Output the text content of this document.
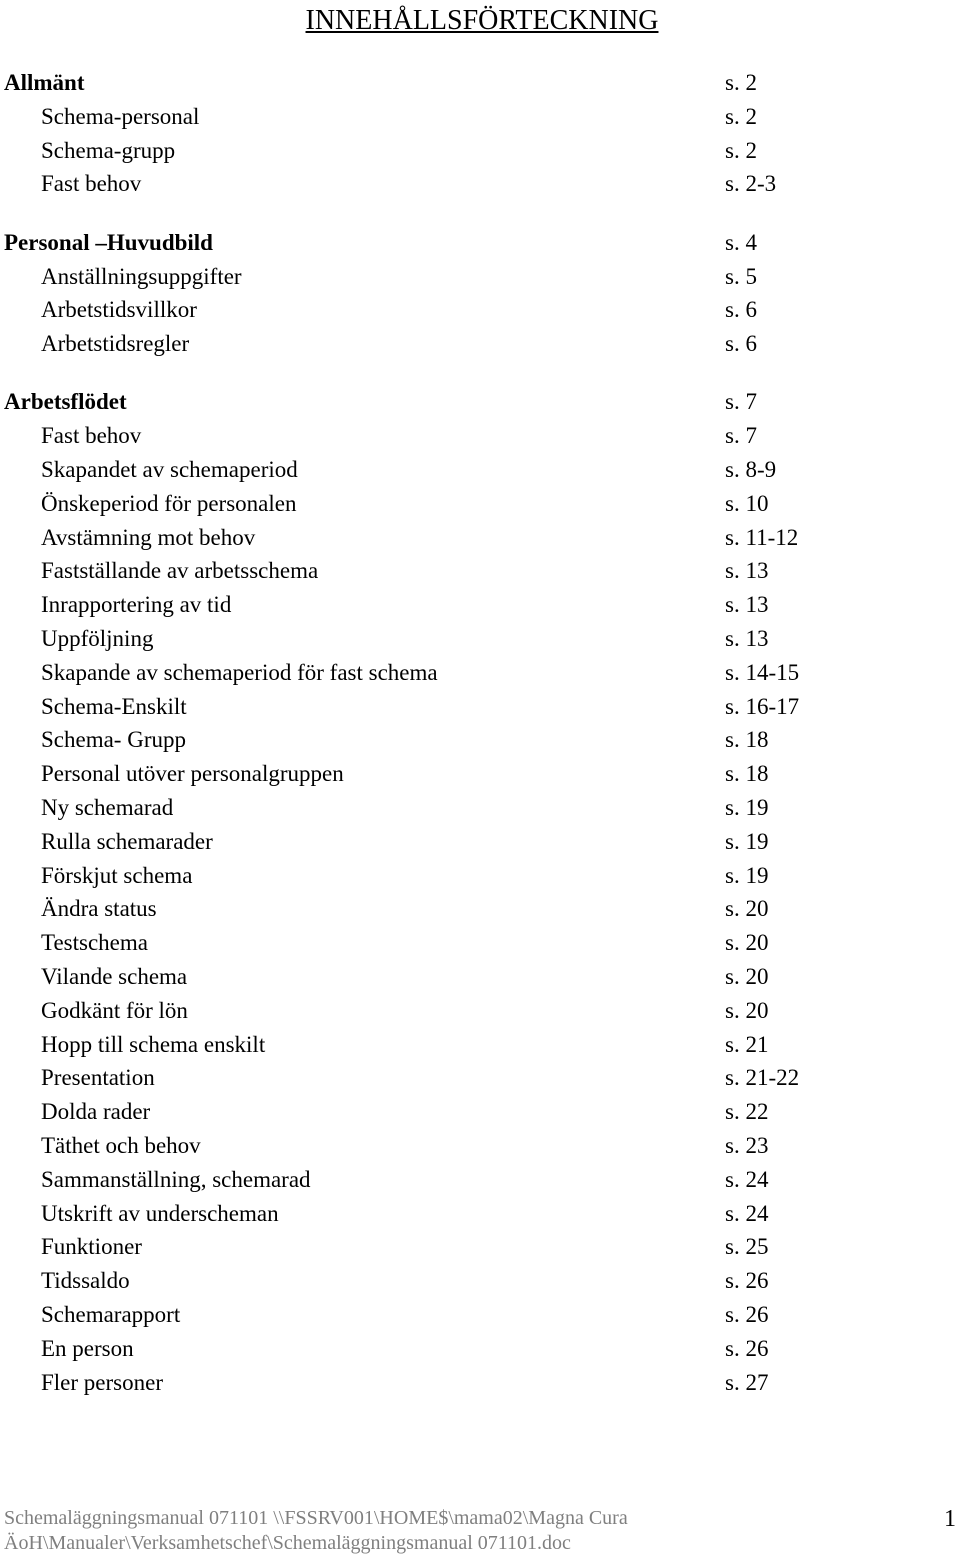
INNEHÅLLSFÖRTECKNING
Allmänt	s. 2
Schema-personal	s. 2
Schema-grupp	s. 2
Fast behov	s. 2-3
Personal –Huvudbild	s. 4
Anställningsuppgifter	s. 5
Arbetstidsvillkor	s. 6
Arbetstidsregler	s. 6
Arbetsflödet	s. 7
Fast behov	s. 7
Skapandet av schemaperiod	s. 8-9
Önskeperiod för personalen	s. 10
Avstämning mot behov	s. 11-12
Fastställande av arbetsschema	s. 13
Inrapportering av tid	s. 13
Uppföljning	s. 13
Skapande av schemaperiod för fast schema	s. 14-15
Schema-Enskilt	s. 16-17
Schema- Grupp	s. 18
Personal utöver personalgruppen	s. 18
Ny schemarad	s. 19
Rulla schemarader	s. 19
Förskjut schema	s. 19
Ändra status	s. 20
Testschema	s. 20
Vilande schema	s. 20
Godkänt för lön	s. 20
Hopp till schema enskilt	s. 21
Presentation	s. 21-22
Dolda rader	s. 22
Täthet och behov	s. 23
Sammanställning, schemarad	s. 24
Utskrift av underscheman	s. 24
Funktioner	s. 25
Tidssaldo	s. 26
Schemarapport	s. 26
En person	s. 26
Fler personer	s. 27
Schemaläggningsmanual 071101 \\FSSRV001\HOME$\mama02\Magna Cura
ÄoH\Manualer\Verksamhetschef\Schemaläggningsmanual 071101.doc
1
